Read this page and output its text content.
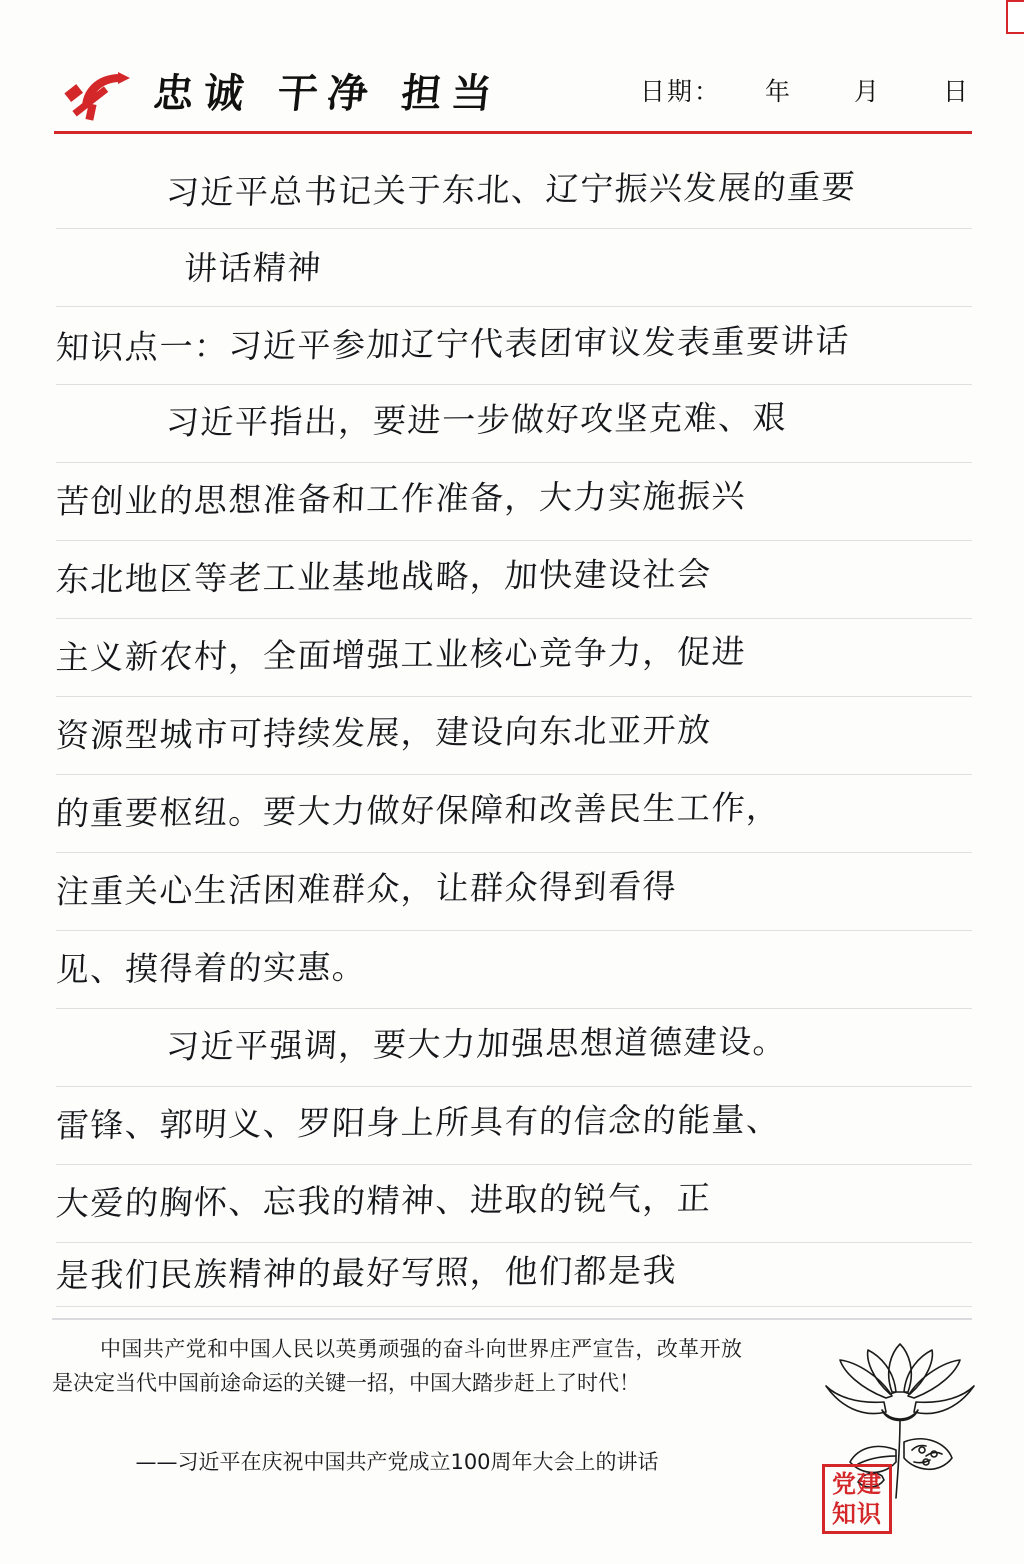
忠诚 干净 担当	日期： 年	月	日
习近平总书记关于东北、辽宁振兴发展的重要
讲话精神
知识点一：习近平参加辽宁代表团审议发表重要讲话
习近平指出，要进一步做好攻坚克难、艰
苦创业的思想准备和工作准备，大力实施振兴
东北地区等老工业基地战略，加快建设社会
主义新农村，全面增强工业核心竞争力，促进
资源型城市可持续发展，建设向东北亚开放
的重要枢纽。要大力做好保障和改善民生工作，
注重关心生活困难群众，让群众得到看得
见、摸得着的实惠。
习近平强调，要大力加强思想道德建设。
雷锋、郭明义、罗阳身上所具有的信念的能量、
大爱的胸怀、忘我的精神、进取的锐气，正
是我们民族精神的最好写照，他们都是我
中国共产党和中国人民以英勇顽强的奋斗向世界庄严宣告，改革开放是决定当代中国前途命运的关键一招，中国大踏步赶上了时代！
——习近平在庆祝中国共产党成立100周年大会上的讲话
党建
知识
